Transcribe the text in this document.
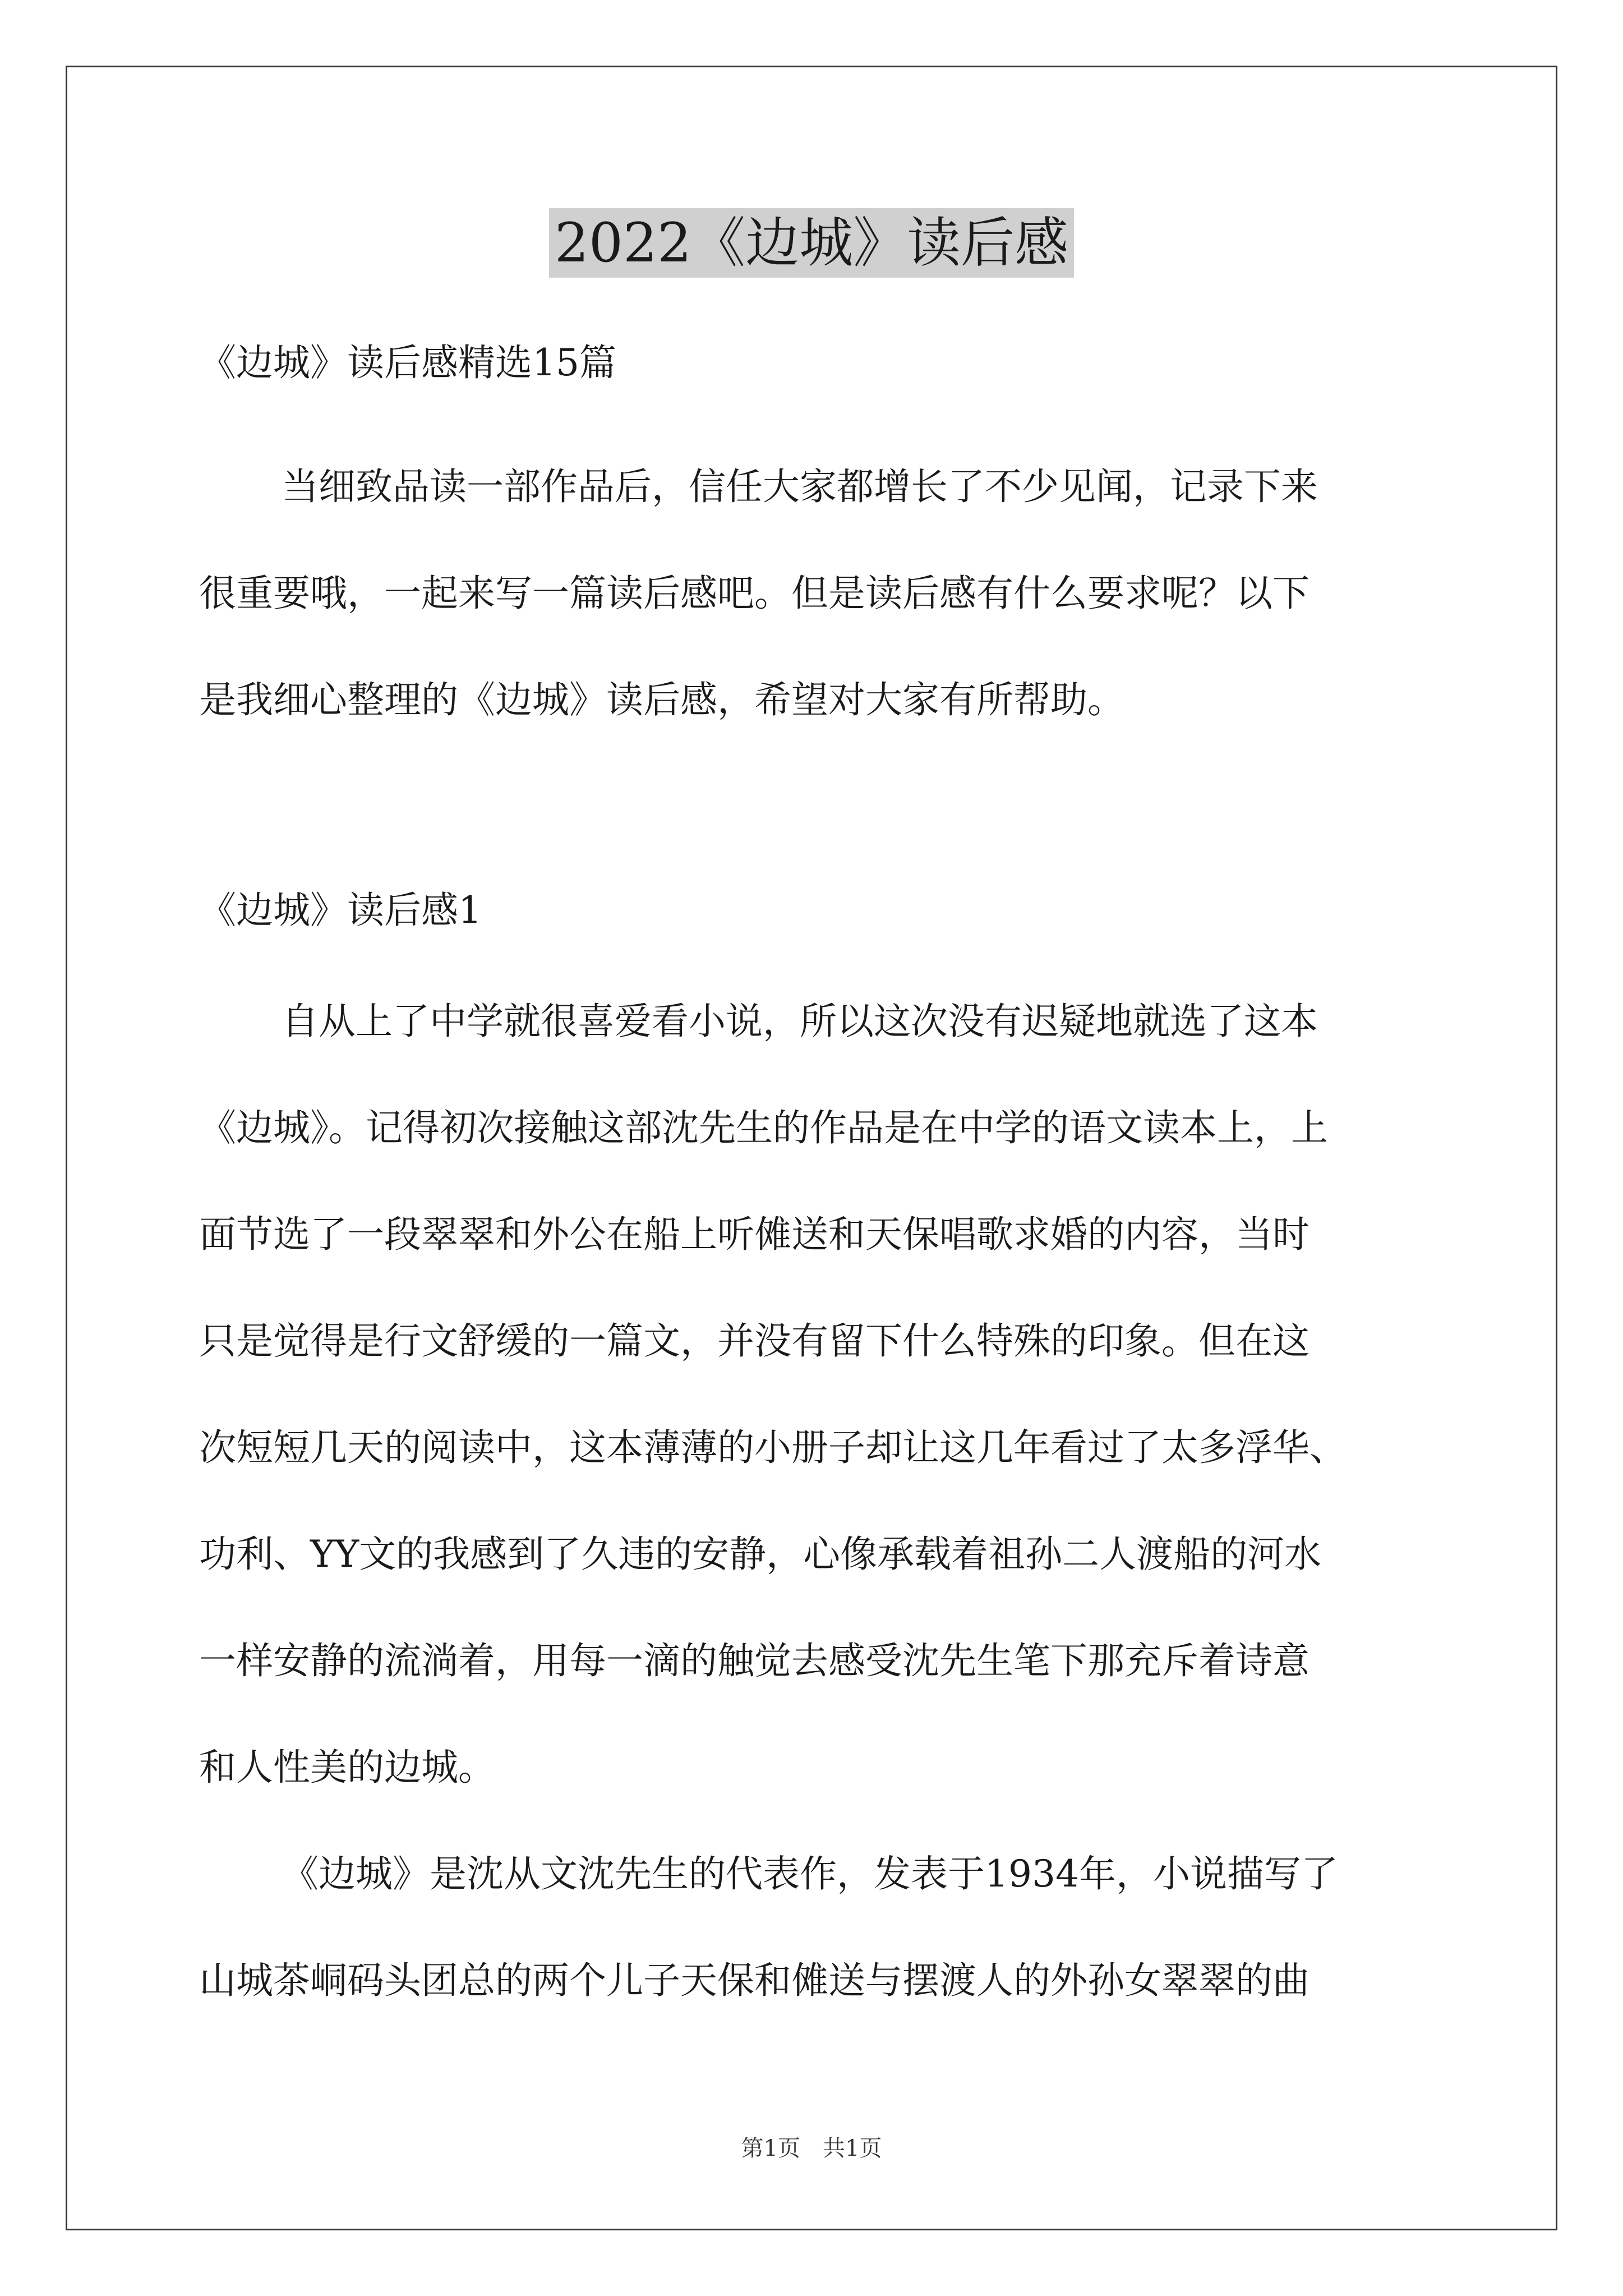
2022《边城》读后感
《边城》读后感精选15篇
当细致品读一部作品后，信任大家都增长了不少见闻，记录下来
很重要哦，一起来写一篇读后感吧。但是读后感有什么要求呢？以下
是我细心整理的《边城》读后感，希望对大家有所帮助。
《边城》读后感1
自从上了中学就很喜爱看小说，所以这次没有迟疑地就选了这本
《边城》。记得初次接触这部沈先生的作品是在中学的语文读本上，上
面节选了一段翠翠和外公在船上听傩送和天保唱歌求婚的内容，当时
只是觉得是行文舒缓的一篇文，并没有留下什么特殊的印象。但在这
次短短几天的阅读中，这本薄薄的小册子却让这几年看过了太多浮华、
功利、YY文的我感到了久违的安静，心像承载着祖孙二人渡船的河水
一样安静的流淌着，用每一滴的触觉去感受沈先生笔下那充斥着诗意
和人性美的边城。
《边城》是沈从文沈先生的代表作，发表于1934年，小说描写了
山城茶峒码头团总的两个儿子天保和傩送与摆渡人的外孙女翠翠的曲
第1页　共1页
